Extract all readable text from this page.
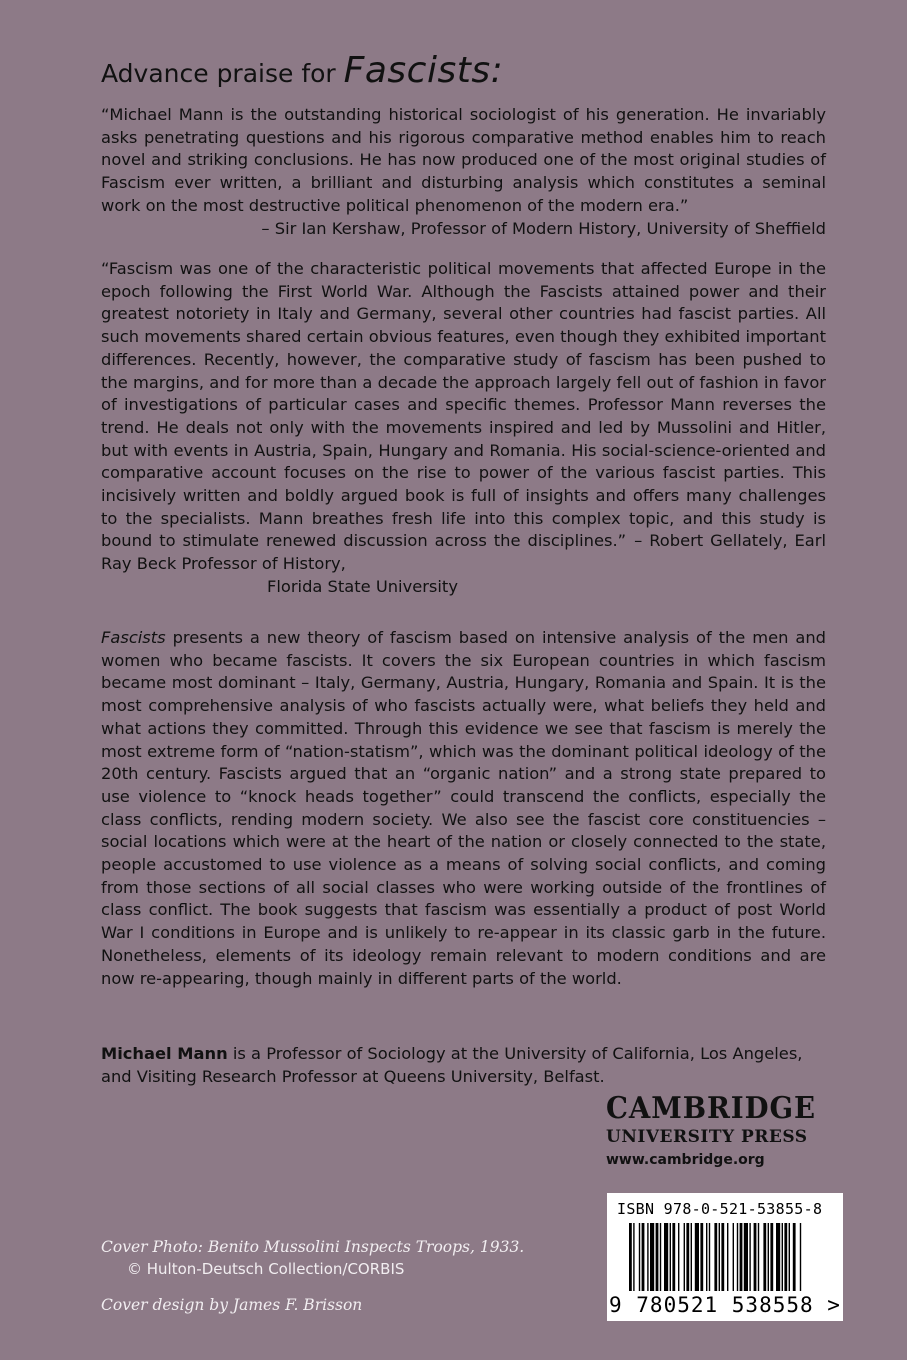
Advance praise for Fascists:

“Michael Mann is the outstanding historical sociologist of his generation. He invariably asks penetrating questions and his rigorous comparative method enables him to reach novel and striking conclusions. He has now produced one of the most original studies of Fascism ever written, a brilliant and disturbing analysis which constitutes a seminal work on the most destructive political phenomenon of the modern era.”
– Sir Ian Kershaw, Professor of Modern History, University of Sheffield

“Fascism was one of the characteristic political movements that affected Europe in the epoch following the First World War. Although the Fascists attained power and their greatest notoriety in Italy and Germany, several other countries had fascist parties. All such movements shared certain obvious features, even though they exhibited important differences. Recently, however, the comparative study of fascism has been pushed to the margins, and for more than a decade the approach largely fell out of fashion in favor of investigations of particular cases and specific themes. Professor Mann reverses the trend. He deals not only with the movements inspired and led by Mussolini and Hitler, but with events in Austria, Spain, Hungary and Romania. His social-science-oriented and comparative account focuses on the rise to power of the various fascist parties. This incisively written and boldly argued book is full of insights and offers many challenges to the specialists. Mann breathes fresh life into this complex topic, and this study is bound to stimulate renewed discussion across the disciplines.” – Robert Gellately, Earl Ray Beck Professor of History,
Florida State University

Fascists presents a new theory of fascism based on intensive analysis of the men and women who became fascists. It covers the six European countries in which fascism became most dominant – Italy, Germany, Austria, Hungary, Romania and Spain. It is the most comprehensive analysis of who fascists actually were, what beliefs they held and what actions they committed. Through this evidence we see that fascism is merely the most extreme form of “nation-statism”, which was the dominant political ideology of the 20th century. Fascists argued that an “organic nation” and a strong state prepared to use violence to “knock heads together” could transcend the conflicts, especially the class conflicts, rending modern society. We also see the fascist core constituencies – social locations which were at the heart of the nation or closely connected to the state, people accustomed to use violence as a means of solving social conflicts, and coming from those sections of all social classes who were working outside of the frontlines of class conflict. The book suggests that fascism was essentially a product of post World War I conditions in Europe and is unlikely to re-appear in its classic garb in the future. Nonetheless, elements of its ideology remain relevant to modern conditions and are now re-appearing, though mainly in different parts of the world.

Michael Mann is a Professor of Sociology at the University of California, Los Angeles, and Visiting Research Professor at Queens University, Belfast.

CAMBRIDGE
UNIVERSITY PRESS
www.cambridge.org
ISBN 978-0-521-53855-8
9 780521 538558 >
Cover Photo: Benito Mussolini Inspects Troops, 1933.
© Hulton-Deutsch Collection/CORBIS
Cover design by James F. Brisson
